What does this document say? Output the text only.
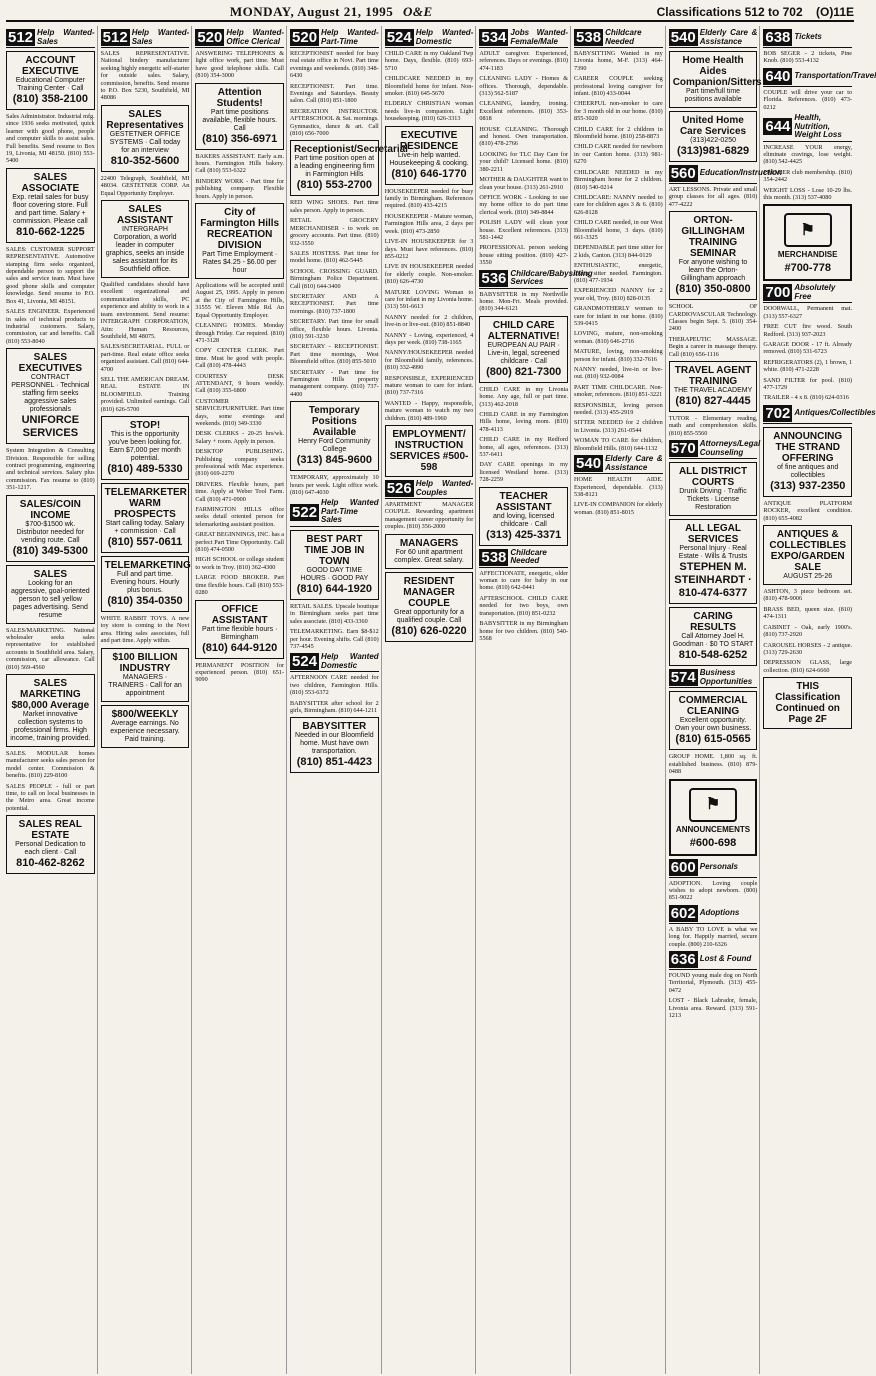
MONDAY, August 21, 1995 O&E	Classifications 512 to 702 (O)11E
512 Help Wanted-Sales
ACCOUNT EXECUTIVE
Educational Computer Training Center · Call
(810) 358-2100

Sales Administrator. Industrial mfg. since 1936 seeks motivated, quick learner with good phone, people and computer skills to assist sales. Full benefits. Send resume to Box 19, Livonia, MI 48150. (810) 553-5400

SALES ASSOCIATE
Exp. retail sales for busy floor covering store. Full and part time. Salary + commission. Please call
810-662-1225

SALES: CUSTOMER SUPPORT REPRESENTATIVE. Automotive stamping firm seeks organized, dependable person to support the sales and service team. Must have good phone skills and computer knowledge. Send resume to P.O. Box 41, Livonia, MI 48151.

SALES ENGINEER. Experienced in sales of technical products to industrial customers. Salary, commission, car and benefits. Call (810) 553-8040

SALES EXECUTIVES
CONTRACT PERSONNEL · Technical staffing firm seeks aggressive sales professionals
UNIFORCE SERVICES

System Integration & Consulting Division. Responsible for selling contract programming, engineering and technical services. Salary plus commission. Fax resume to (810) 351-1217.

SALES/COIN INCOME
$700-$1500 wk. Distributor needed for vending route. Call
(810) 349-5300
SALES
Looking for an aggressive, goal-oriented person to sell yellow pages advertising. Send resume

SALES/MARKETING. National wholesaler seeks sales representative for established accounts in Southfield area. Salary, commission, car allowance. Call (810) 569-4560

SALES MARKETING $80,000 Average
Market innovative collection systems to professional firms. High income, training provided.

SALES. MODULAR homes manufacturer seeks sales person for model center. Commission & benefits. (810) 229-8100

SALES PEOPLE - full or part time, to call on local businesses in the Metro area. Great income potential.

SALES REAL ESTATE
Personal Dedication to each client · Call
810-462-8262
512 Help Wanted-Sales

SALES REPRESENTATIVE. National bindery manufacturer seeking highly energetic self-starter for outside sales. Salary, commission, benefits. Send resume to P.O. Box 5230, Southfield, MI 48086

SALES Representatives
GESTETNER OFFICE SYSTEMS · Call today for an interview
810-352-5600

22400 Telegraph, Southfield, MI 48034. GESTETNER CORP. An Equal Opportunity Employer.

SALES ASSISTANT
INTERGRAPH Corporation, a world leader in computer graphics, seeks an inside sales assistant for its Southfield office.

Qualified candidates should have excellent organizational and communication skills, PC experience and ability to work in a team environment. Send resume: INTERGRAPH CORPORATION, Attn: Human Resources, Southfield, MI 48075.

SALES/SECRETARIAL. FULL or part-time. Real estate office seeks organized assistant. Call (810) 644-4700

SELL THE AMERICAN DREAM. REAL ESTATE IN BLOOMFIELD. Training provided. Unlimited earnings. Call (810) 626-5700

STOP!
This is the opportunity you've been looking for. Earn $7,000 per month potential.
(810) 489-5330
TELEMARKETER WARM PROSPECTS
Start calling today. Salary + commission · Call
(810) 557-0611
TELEMARKETING
Full and part time. Evening hours. Hourly plus bonus.
(810) 354-0350

WHITE RABBIT TOYS. A new toy store is coming to the Novi area. Hiring sales associates, full and part time. Apply within.

$100 BILLION INDUSTRY
MANAGERS · TRAINERS · Call for an appointment
$800/WEEKLY
Average earnings. No experience necessary. Paid training.
520 Help Wanted-Office Clerical

ANSWERING TELEPHONES & light office work, part time. Must have good telephone skills. Call (810) 354-3000

Attention Students!
Part time positions available, flexible hours. Call
(810) 356-6971

BAKERS ASSISTANT. Early a.m. hours. Farmington Hills bakery. Call (810) 553-6322

BINDERY WORK - Part time for publishing company. Flexible hours. Apply in person.

City of Farmington Hills RECREATION DIVISION
Part Time Employment · Rates $4.25 - $6.00 per hour

Applications will be accepted until August 25, 1995. Apply in person at the City of Farmington Hills, 31555 W. Eleven Mile Rd. An Equal Opportunity Employer.

CLEANING HOMES. Monday through Friday. Car required. (810) 471-3128

COPY CENTER CLERK. Part time. Must be good with people. Call (810) 478-4443

COURTESY DESK ATTENDANT, 9 hours weekly. Call (810) 355-6800

CUSTOMER SERVICE/FURNITURE. Part time days, some evenings and weekends. (810) 349-3330

DESK CLERKS - 20-25 hrs/wk. Salary + room. Apply in person.

DESKTOP PUBLISHING. Publishing company seeks professional with Mac experience. (810) 669-2270

DRIVERS. Flexible hours, part time. Apply at Weber Tool Farm. Call (810) 471-0900

FARMINGTON HILLS office seeks detail oriented person for telemarketing assistant position.

GREAT BEGINNINGS, INC. has a perfect Part Time Opportunity. Call (810) 474-0500

HIGH SCHOOL or college student to work in Troy. (810) 362-4300

LARGE FOOD BROKER. Part time flexible hours. Call (810) 553-0280

OFFICE ASSISTANT
Part time flexible hours · Birmingham
(810) 644-9120

PERMANENT POSITION for experienced person. (810) 651-9090

520 Help Wanted-Part-Time

RECEPTIONIST needed for busy real estate office in Novi. Part time evenings and weekends. (810) 348-6430

RECEPTIONIST. Part time. Evenings and Saturdays. Beauty salon. Call (810) 851-1800

RECREATION INSTRUCTOR. AFTERSCHOOL & Sat. mornings. Gymnastics, dance & art. Call (810) 656-7000

Receptionist/Secretarial
Part time position open at a leading engineering firm in Farmington Hills
(810) 553-2700

RED WING SHOES. Part time sales person. Apply in person.

RETAIL GROCERY MERCHANDISER - to work on grocery accounts. Part time. (810) 932-3550

SALES HOSTESS. Part time for model home. (810) 462-5445

SCHOOL CROSSING GUARD. Birmingham Police Department. Call (810) 644-3400

SECRETARY AND A RECEPTIONIST. Part time mornings. (810) 737-1800

SECRETARY. Part time for small office, flexible hours. Livonia. (810) 591-3230

SECRETARY - RECEPTIONIST. Part time mornings, West Bloomfield office. (810) 855-5010

SECRETARY - Part time for Farmington Hills property management company. (810) 737-4400

Temporary Positions Available
Henry Ford Community College
(313) 845-9600

TEMPORARY, approximately 10 hours per week. Light office work. (810) 647-4030

522
Help Wanted Part-Time Sales
BEST PART TIME JOB IN TOWN
GOOD DAY TIME HOURS · GOOD PAY
(810) 644-1920

RETAIL SALES. Upscale boutique in Birmingham seeks part time sales associate. (810) 433-3360

TELEMARKETING. Earn $8-$12 per hour. Evening shifts. Call (810) 737-4545

524 Help Wanted Domestic

AFTERNOON CARE needed for two children, Farmington Hills. (810) 553-6372

BABYSITTER after school for 2 girls, Birmingham. (810) 644-1211

BABYSITTER
Needed in our Bloomfield home. Must have own transportation.
(810) 851-4423
524 Help Wanted-Domestic

CHILD CARE in my Oakland Twp home. Days, flexible. (810) 693-5710

CHILDCARE NEEDED in my Bloomfield home for infant. Non-smoker. (810) 645-5670

ELDERLY CHRISTIAN woman needs live-in companion. Light housekeeping. (810) 626-3313

EXECUTIVE RESIDENCE
Live-in help wanted. Housekeeping & cooking.
(810) 646-1770

HOUSEKEEPER needed for busy family in Birmingham. References required. (810) 433-4215

HOUSEKEEPER - Mature woman, Farmington Hills area, 2 days per week. (810) 473-2850

LIVE-IN HOUSEKEEPER for 3 days. Must have references. (810) 855-0212

LIVE IN HOUSEKEEPER needed for elderly couple. Non-smoker. (810) 626-4730

MATURE LOVING Woman to care for infant in my Livonia home. (313) 591-6613

NANNY needed for 2 children, live-in or live-out. (810) 851-8840

NANNY - Loving, experienced, 4 days per week. (810) 738-1165

NANNY/HOUSEKEEPER needed for Bloomfield family, references. (810) 332-4990

RESPONSIBLE, EXPERIENCED mature woman to care for infant. (810) 737-7316

WANTED - Happy, responsible, mature woman to watch my two children. (810) 489-1960

EMPLOYMENT/ INSTRUCTION SERVICES #500-598
526 Help Wanted-Couples

APARTMENT MANAGER COUPLE. Rewarding apartment management career opportunity for couples. (810) 356-2000

MANAGERS
For 60 unit apartment complex. Great salary.
RESIDENT MANAGER COUPLE
Great opportunity for a qualified couple. Call
(810) 626-0220
534 Jobs Wanted-Female/Male

ADULT caregiver. Experienced, references. Days or evenings. (810) 474-1183

CLEANING LADY - Homes & offices. Thorough, dependable. (313) 562-5187

CLEANING, laundry, ironing. Excellent references. (810) 353-0818

HOUSE CLEANING. Thorough and honest. Own transportation. (810) 478-2766

LOOKING for TLC Day Care for your child? Licensed home. (810) 380-2211

MOTHER & DAUGHTER want to clean your house. (313) 261-2910

OFFICE WORK - Looking to use my home office to do part time clerical work. (810) 349-8844

POLISH LADY will clean your house. Excellent references. (313) 581-1442

PROFESSIONAL person seeking house sitting position. (810) 427-3550

536 Childcare/Babysitting Services

BABYSITTER in my Northville home. Mon-Fri. Meals provided. (810) 344-6121

CHILD CARE ALTERNATIVE!
EUROPEAN AU PAIR · Live-in, legal, screened childcare · Call
(800) 821-7300

CHILD CARE in my Livonia home. Any age, full or part time. (313) 462-2018

CHILD CARE in my Farmington Hills home, loving mom. (810) 478-4113

CHILD CARE in my Redford home, all ages, references. (313) 537-6411

DAY CARE openings in my licensed Westland home. (313) 728-2259

TEACHER ASSISTANT
and loving, licensed childcare · Call
(313) 425-3371
538 Childcare Needed

AFFECTIONATE, energetic, older woman to care for baby in our home. (810) 642-0441

AFTERSCHOOL CHILD CARE needed for two boys, own transportation. (810) 851-0232

BABYSITTER in my Birmingham home for two children. (810) 540-5568

538 Childcare Needed

BABYSITTING Wanted in my Livonia home, M-F. (313) 464-7390

CAREER COUPLE seeking professional loving caregiver for infant. (810) 433-0044

CHEERFUL non-smoker to care for 3 month old in our home. (810) 855-3020

CHILD CARE for 2 children in Bloomfield home. (810) 258-8873

CHILD CARE needed for newborn in our Canton home. (313) 981-6270

CHILDCARE NEEDED in my Birmingham home for 2 children. (810) 540-0214

CHILDCARE: NANNY needed to care for children ages 3 & 6. (810) 626-8128

CHILD CARE needed, in our West Bloomfield home, 3 days. (810) 661-3325

DEPENDABLE part time sitter for 2 kids, Canton. (313) 844-0129

ENTHUSIASTIC, energetic, loving sitter needed. Farmington. (810) 477-1934

EXPERIENCED NANNY for 2 year old, Troy. (810) 828-0135

GRANDMOTHERLY woman to care for infant in our home. (810) 539-0415

LOVING, mature, non-smoking woman. (810) 646-2716

MATURE, loving, non-smoking person for infant. (810) 332-7616

NANNY needed, live-in or live-out. (810) 932-0084

PART TIME CHILDCARE. Non-smoker, references. (810) 851-3221

RESPONSIBLE, loving person needed. (313) 455-2919

SITTER NEEDED for 2 children in Livonia. (313) 261-0544

WOMAN TO CARE for children, Bloomfield Hills. (810) 644-1132

540 Elderly Care & Assistance

HOME HEALTH AIDE. Experienced, dependable. (313) 538-8121

LIVE-IN COMPANION for elderly woman. (810) 851-8015

540 Elderly Care & Assistance
Home Health Aides Companion/Sitters
Part time/full time positions available
United Home Care Services
(313)422-0250
(313)981-6829
560 Education/Instruction

ART LESSONS. Private and small group classes for all ages. (810) 477-4222

ORTON-GILLINGHAM TRAINING SEMINAR
For anyone wishing to learn the Orton-Gillingham approach
(810) 350-0800

SCHOOL OF CARDIOVASCULAR Technology. Classes begin Sept. 5. (810) 354-2400

THERAPEUTIC MASSAGE. Begin a career in massage therapy. Call (810) 656-1116

TRAVEL AGENT TRAINING
THE TRAVEL ACADEMY
(810) 827-4445

TUTOR - Elementary reading, math and comprehension skills. (810) 855-5560

570 Attorneys/Legal Counseling
ALL DISTRICT COURTS
Drunk Driving · Traffic Tickets · License Restoration
ALL LEGAL SERVICES
Personal Injury · Real Estate · Wills & Trusts
STEPHEN M. STEINHARDT · 810-474-6377
CARING RESULTS
Call Attorney Joel H. Goodman · $0 TO START
810-548-6252
574 Business Opportunities
COMMERCIAL CLEANING
Excellent opportunity. Own your own business.
(810) 615-0565

GROUP HOME. 1,800 sq. ft. established business. (810) 879-0488

⚑
ANNOUNCEMENTS
#600-698
600 Personals

ADOPTION. Loving couple wishes to adopt newborn. (800) 851-9022

602 Adoptions

A BABY TO LOVE is what we long for. Happily married, secure couple. (800) 210-6326

636 Lost & Found

FOUND young male dog on North Territorial, Plymouth. (313) 455-0472

LOST - Black Labrador, female, Livonia area. Reward. (313) 591-1213

638 Tickets

BOB SEGER - 2 tickets, Pine Knob. (810) 553-4132

640 Transportation/Travel

COUPLE will drive your car to Florida. References. (810) 473-0212

644
Health, Nutrition, Weight Loss

INCREASE YOUR energy, eliminate cravings, lose weight. (810) 542-4425

PREMIER club membership. (810) 354-2442

WEIGHT LOSS - Lose 10-29 lbs. this month. (313) 537-4080

⚑
MERCHANDISE
#700-778
700 Absolutely Free

DOORWALL, Permanent mat. (313) 557-6327

FREE CUT fire wood. South Redford. (313) 937-2023

GARAGE DOOR - 17 ft. Already removed. (810) 531-6723

REFRIGERATORS (2), 1 brown, 1 white. (810) 471-2228

SAND FILTER for pool. (810) 477-1729

TRAILER - 4 x 8. (810) 624-0316

702 Antiques/Collectibles
ANNOUNCING THE STRAND OFFERING
of fine antiques and collectibles
(313) 937-2350

ANTIQUE PLATFORM ROCKER, excellent condition. (810) 655-4082

ANTIQUES & COLLECTIBLES EXPO/GARDEN SALE
AUGUST 25-26

ASHTON, 3 piece bedroom set. (810) 478-9006

BRASS BED, queen size. (810) 474-1311

CABINET - Oak, early 1900's. (810) 737-2920

CAROUSEL HORSES - 2 antique. (313) 729-2630

DEPRESSION GLASS, large collection. (810) 624-6660

THIS Classification Continued on Page 2F
